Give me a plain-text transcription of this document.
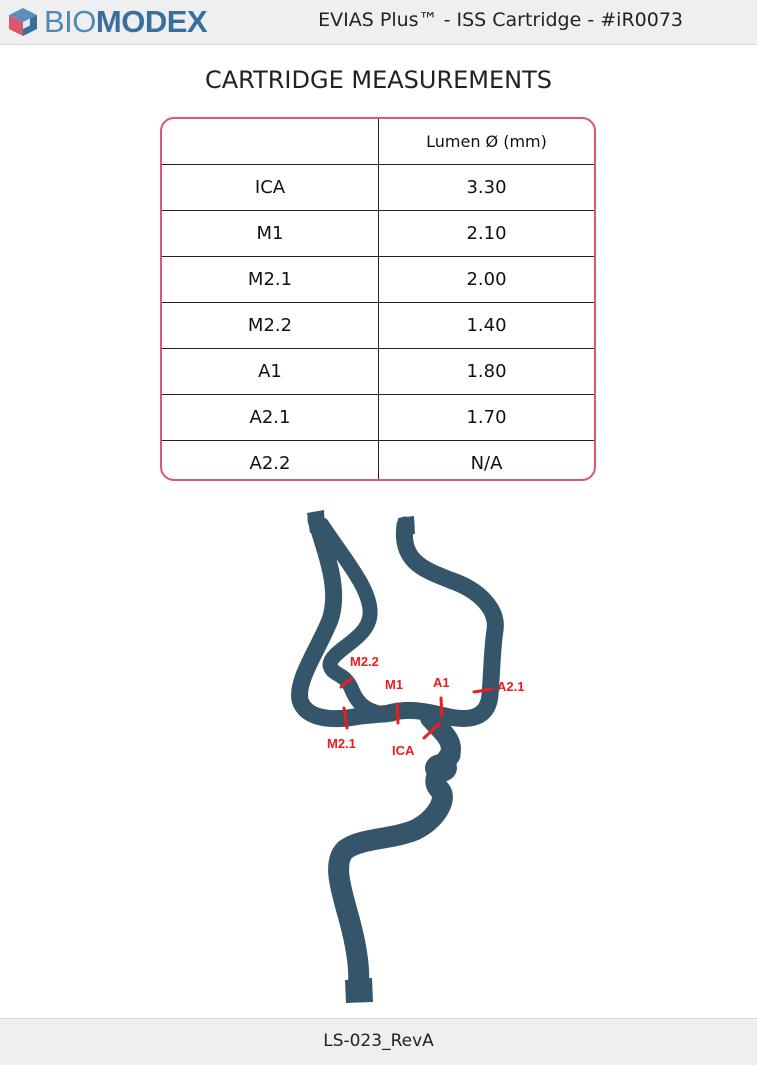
BIOMODEX	EVIAS Plus™ - ISS Cartridge - #iR0073
CARTRIDGE MEASUREMENTS
	Lumen Ø (mm)
ICA	3.30
M1	2.10
M2.1	2.00
M2.2	1.40
A1	1.80
A2.1	1.70
A2.2	N/A
M2.2
M1 A1	A2.1
M2.1	ICA
LS-023_RevA
